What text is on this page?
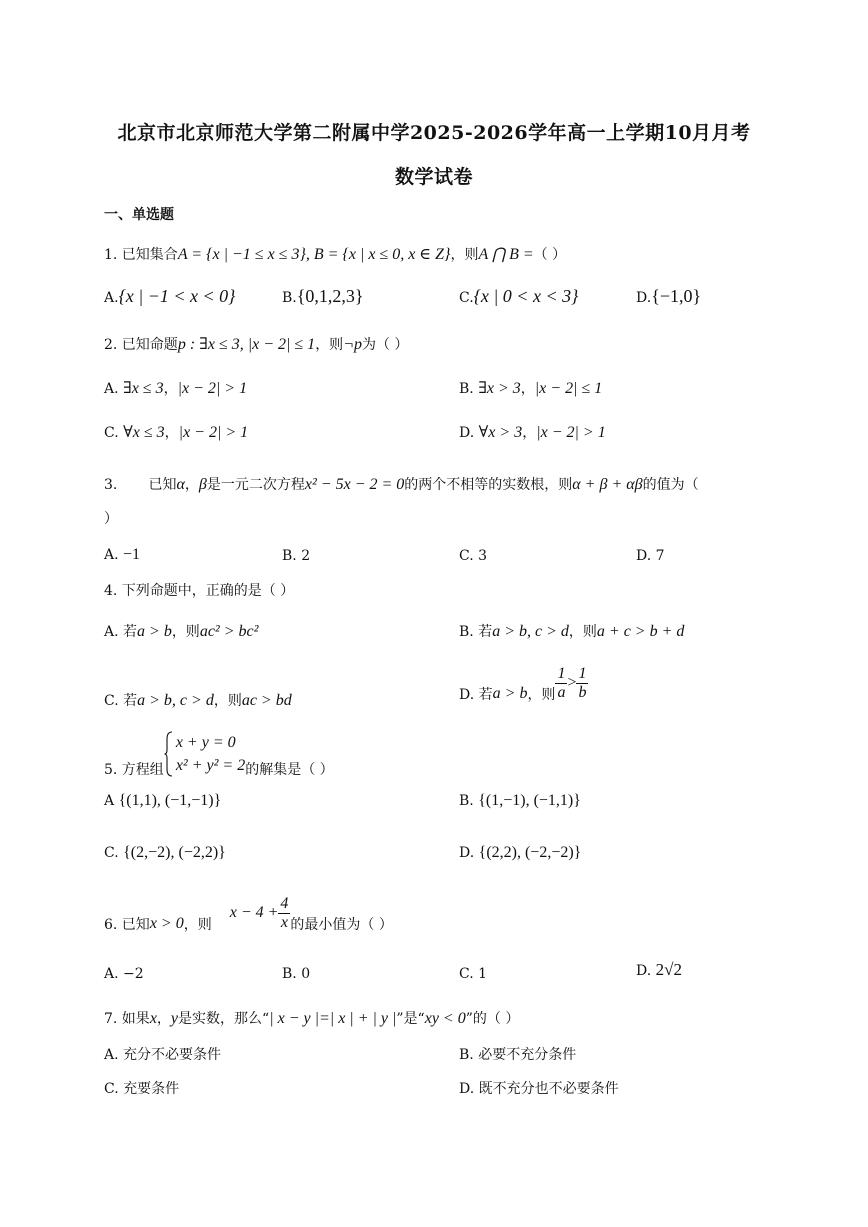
北京市北京师范大学第二附属中学2025-2026学年高一上学期10月月考
数学试卷
一、单选题
1. 已知集合A = {x | −1 ≤ x ≤ 3}, B = {x | x ≤ 0, x ∈ Z}，则A ⋂ B =（ ）
A.{x | −1 < x < 0}	B.{0,1,2,3}	C.{x | 0 < x < 3}	D.{−1,0}
2. 已知命题p : ∃x ≤ 3, |x − 2| ≤ 1，则¬p为（ ）
A. ∃x ≤ 3，|x − 2| > 1	B. ∃x > 3，|x − 2| ≤ 1
C. ∀x ≤ 3，|x − 2| > 1	D. ∀x > 3，|x − 2| > 1
3.       已知α，β是一元二次方程x² − 5x − 2 = 0的两个不相等的实数根，则α + β + αβ的值为（
）
A. −1	B. 2	C. 3	D. 7
4. 下列命题中，正确的是（ ）
A. 若a > b，则ac² > bc²	B. 若a > b, c > d，则a + c > b + d
C. 若a > b, c > d，则ac > bd	D. 若a > b，则 $\frac{1}{a} > \frac{1}{b}$
5. 方程组
x + y = 0
x² + y² = 2 的解集是（ ）
A {(1,1), (−1,−1)}	B. {(1,−1), (−1,1)}
C. {(2,−2), (−2,2)}	D. {(2,2), (−2,−2)}
6. 已知x > 0，则$x - 4 + \frac{4}{x}$ 的最小值为（ ）
A. −2	B. 0	C. 1	D. 2√2
7. 如果x，y是实数，那么“| x − y |=| x | + | y |”是“xy < 0”的（ ）
A. 充分不必要条件	B. 必要不充分条件
C. 充要条件	D. 既不充分也不必要条件
